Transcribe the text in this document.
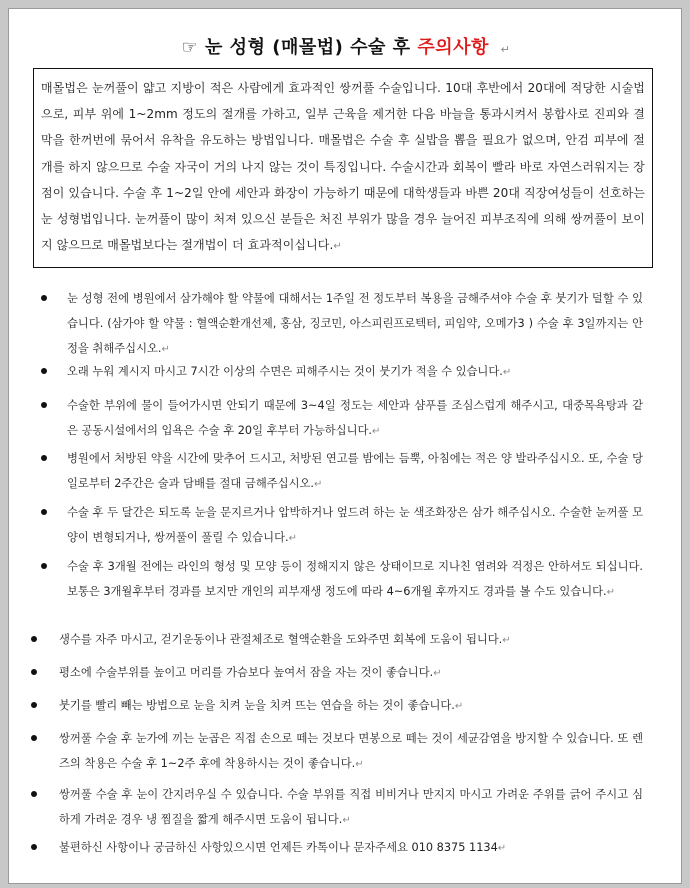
☞ 눈 성형 (매몰법) 수술 후 주의사항 ↵
매몰법은 눈꺼풀이 얇고 지방이 적은 사람에게 효과적인 쌍꺼풀 수술입니다. 10대 후반에서 20대에 적당한 시술법으로, 피부 위에 1~2mm 정도의 절개를 가하고, 일부 근육을 제거한 다음 바늘을 통과시켜서 봉합사로 진피와 결막을 한꺼번에 묶어서 유착을 유도하는 방법입니다. 매몰법은 수술 후 실밥을 뽑을 필요가 없으며, 안검 피부에 절개를 하지 않으므로 수술 자국이 거의 나지 않는 것이 특징입니다. 수술시간과 회복이 빨라 바로 자연스러워지는 장점이 있습니다. 수술 후 1~2일 안에 세안과 화장이 가능하기 때문에 대학생들과 바쁜 20대 직장여성들이 선호하는 눈 성형법입니다. 눈꺼풀이 많이 처져 있으신 분들은 처진 부위가 많을 경우 늘어진 피부조직에 의해 쌍꺼풀이 보이지 않으므로 매몰법보다는 절개법이 더 효과적이십니다.↵
눈 성형 전에 병원에서 삼가해야 할 약물에 대해서는 1주일 전 정도부터 복용을 금해주셔야 수술 후 붓기가 덜할 수 있습니다. (삼가야 할 약물 : 혈액순환개선제, 홍삼, 징코민, 아스피린프로텍터, 피임약, 오메가3 ) 수술 후 3일까지는 안정을 취해주십시오.↵
오래 누워 계시지 마시고 7시간 이상의 수면은 피해주시는 것이 붓기가 적을 수 있습니다.↵
수술한 부위에 물이 들어가시면 안되기 때문에 3~4일 정도는 세안과 샴푸를 조심스럽게 해주시고, 대중목욕탕과 같은 공동시설에서의 입욕은 수술 후 20일 후부터 가능하십니다.↵
병원에서 처방된 약을 시간에 맞추어 드시고, 처방된 연고를 밤에는 듬뿍, 아침에는 적은 양 발라주십시오. 또, 수술 당일로부터 2주간은 술과 담배를 절대 금해주십시오.↵
수술 후 두 달간은 되도록 눈을 문지르거나 압박하거나 엎드려 하는 눈 색조화장은 삼가 해주십시오. 수술한 눈꺼풀 모양이 변형되거나, 쌍꺼풀이 풀릴 수 있습니다.↵
수술 후 3개월 전에는 라인의 형성 및 모양 등이 정해지지 않은 상태이므로 지나친 염려와 걱정은 안하셔도 되십니다. 보통은 3개월후부터 경과를 보지만 개인의 피부재생 정도에 따라 4~6개월 후까지도 경과를 볼 수도 있습니다.↵
생수를 자주 마시고, 걷기운동이나 관절체조로 혈액순환을 도와주면 회복에 도움이 됩니다.↵
평소에 수술부위를 높이고 머리를 가슴보다 높여서 잠을 자는 것이 좋습니다.↵
붓기를 빨리 빼는 방법으로 눈을 치켜 눈을 치켜 뜨는 연습을 하는 것이 좋습니다.↵
쌍꺼풀 수술 후 눈가에 끼는 눈곱은 직접 손으로 떼는 것보다 면봉으로 떼는 것이 세균감염을 방지할 수 있습니다. 또 렌즈의 착용은 수술 후 1~2주 후에 착용하시는 것이 좋습니다.↵
쌍꺼풀 수술 후 눈이 간지러우실 수 있습니다. 수술 부위를 직접 비비거나 만지지 마시고 가려운 주위를 긁어 주시고 심하게 가려운 경우 냉 찜질을 짧게 해주시면 도움이 됩니다.↵
불편하신 사항이나 궁금하신 사항있으시면 언제든 카톡이나 문자주세요 010 8375 1134↵
